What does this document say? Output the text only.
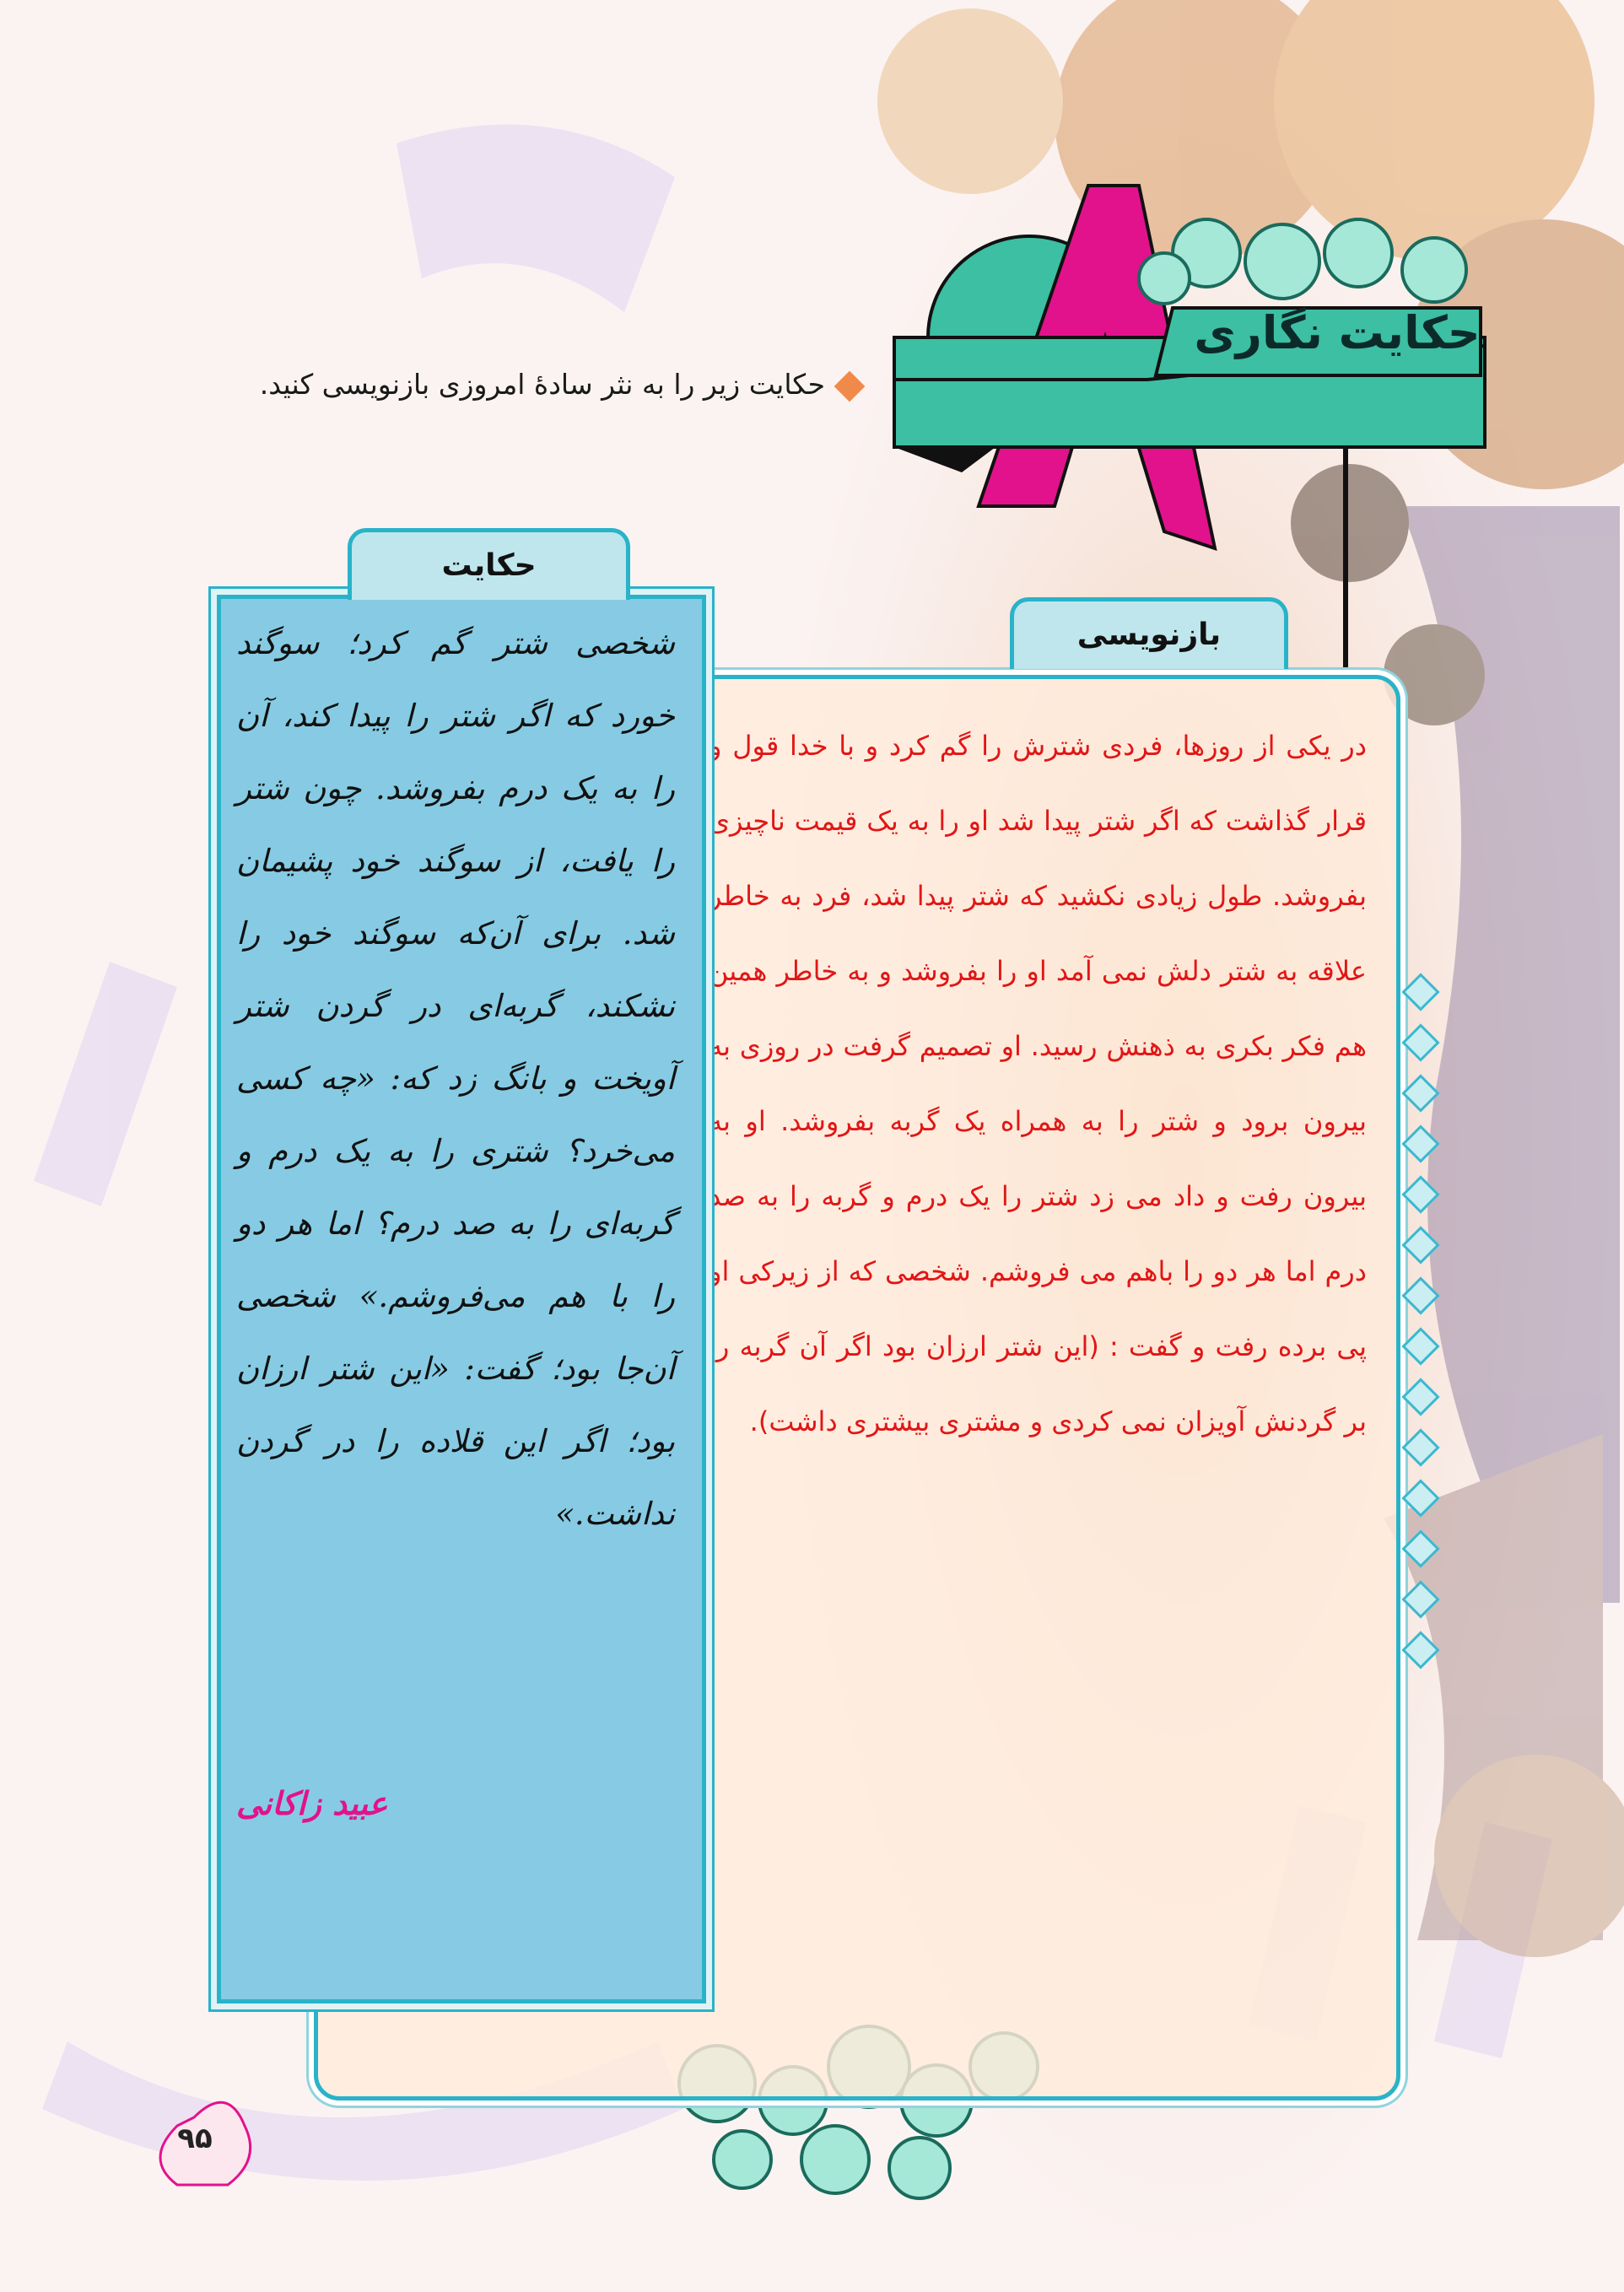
حکایت نگاری
حکایت زیر را به نثر سادهٔ امروزی بازنویسی کنید.
بازنویسی
در یکی از روزها، فردی شترش را گم کرد و با خدا قول و قرار گذاشت که اگر شتر پیدا شد او را به یک قیمت ناچیزی بفروشد. طول زیادی نکشید که شتر پیدا شد، فرد به خاطر علاقه به شتر دلش نمی آمد او را بفروشد و به خاطر همین هم فکر بکری به ذهنش رسید. او تصمیم گرفت در روزی به بیرون برود و شتر را به همراه یک گربه بفروشد. او به بیرون رفت و داد می زد شتر را یک درم و گربه را به صد درم اما هر دو را باهم می فروشم. شخصی که از زیرکی او پی برده رفت و گفت : (این شتر ارزان بود اگر آن گربه را بر گردنش آویزان نمی کردی و مشتری بیشتری داشت).
حکایت
شخصی شتر گم کرد؛ سوگند خورد که اگر شتر را پیدا کند، آن را به یک درم بفروشد. چون شتر را یافت، از سوگند خود پشیمان شد. برای آن‌که سوگند خود را نشکند، گربه‌ای در گردن شتر آویخت و بانگ زد که: «چه کسی می‌خرد؟ شتری را به یک درم و گربه‌ای را به صد درم؟ اما هر دو را با هم می‌فروشم.» شخصی آن‌جا بود؛ گفت: «این شتر ارزان بود؛ اگر این قلاده را در گردن نداشت.»
عبید زاکانی
۹۵
